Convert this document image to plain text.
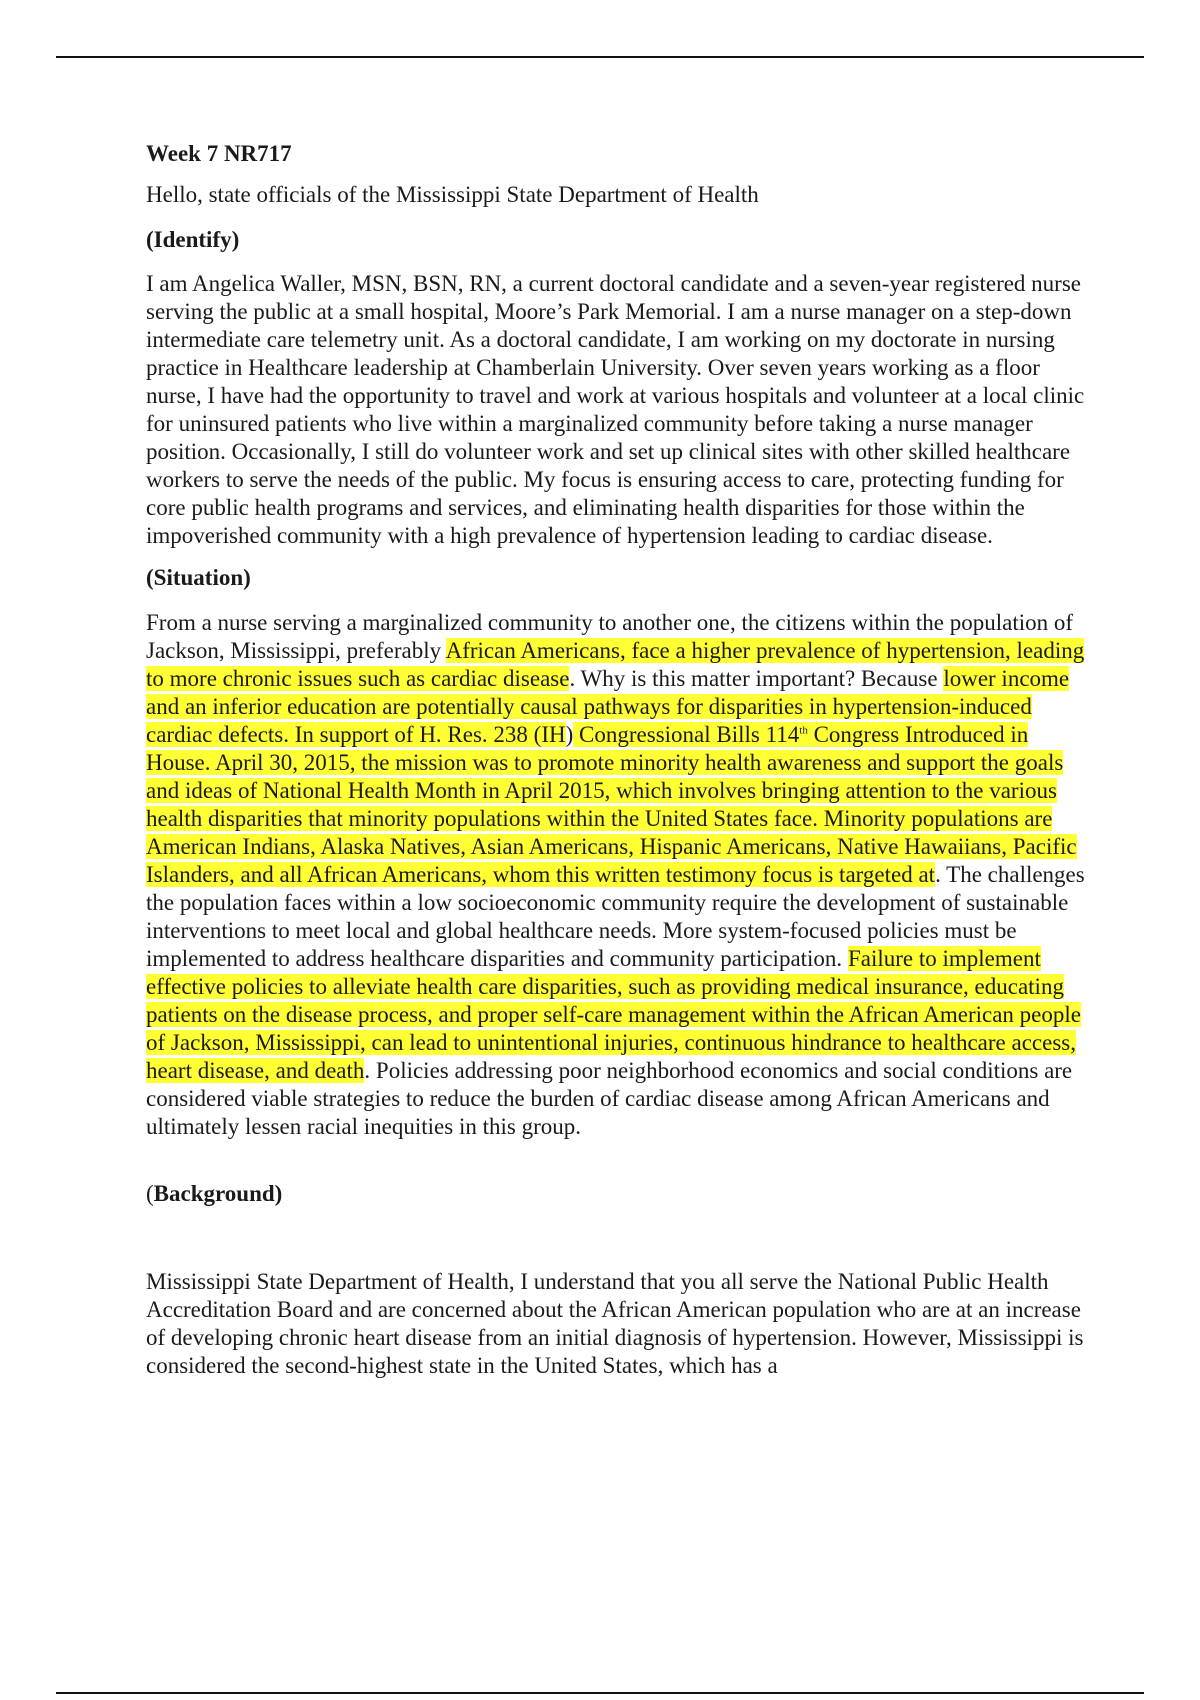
Week 7 NR717

Hello, state officials of the Mississippi State Department of Health

(Identify)

I am Angelica Waller, MSN, BSN, RN, a current doctoral candidate and a seven-year registered nurse serving the public at a small hospital, Moore’s Park Memorial. I am a nurse manager on a step-down intermediate care telemetry unit. As a doctoral candidate, I am working on my doctorate in nursing practice in Healthcare leadership at Chamberlain University. Over seven years working as a floor nurse, I have had the opportunity to travel and work at various hospitals and volunteer at a local clinic for uninsured patients who live within a marginalized community before taking a nurse manager position. Occasionally, I still do volunteer work and set up clinical sites with other skilled healthcare workers to serve the needs of the public. My focus is ensuring access to care, protecting funding for core public health programs and services, and eliminating health disparities for those within the impoverished community with a high prevalence of hypertension leading to cardiac disease.

(Situation)

From a nurse serving a marginalized community to another one, the citizens within the population of Jackson, Mississippi, preferably African Americans, face a higher prevalence of hypertension, leading to more chronic issues such as cardiac disease. Why is this matter important? Because lower income and an inferior education are potentially causal pathways for disparities in hypertension-induced cardiac defects. In support of H. Res. 238 (IH) Congressional Bills 114th Congress Introduced in House. April 30, 2015, the mission was to promote minority health awareness and support the goals and ideas of National Health Month in April 2015, which involves bringing attention to the various health disparities that minority populations within the United States face. Minority populations are American Indians, Alaska Natives, Asian Americans, Hispanic Americans, Native Hawaiians, Pacific Islanders, and all African Americans, whom this written testimony focus is targeted at. The challenges the population faces within a low socioeconomic community require the development of sustainable interventions to meet local and global healthcare needs. More system-focused policies must be implemented to address healthcare disparities and community participation. Failure to implement effective policies to alleviate health care disparities, such as providing medical insurance, educating patients on the disease process, and proper self-care management within the African American people of Jackson, Mississippi, can lead to unintentional injuries, continuous hindrance to healthcare access, heart disease, and death. Policies addressing poor neighborhood economics and social conditions are considered viable strategies to reduce the burden of cardiac disease among African Americans and ultimately lessen racial inequities in this group.

(Background)

Mississippi State Department of Health, I understand that you all serve the National Public Health Accreditation Board and are concerned about the African American population who are at an increase of developing chronic heart disease from an initial diagnosis of hypertension. However, Mississippi is considered the second-highest state in the United States, which has a
